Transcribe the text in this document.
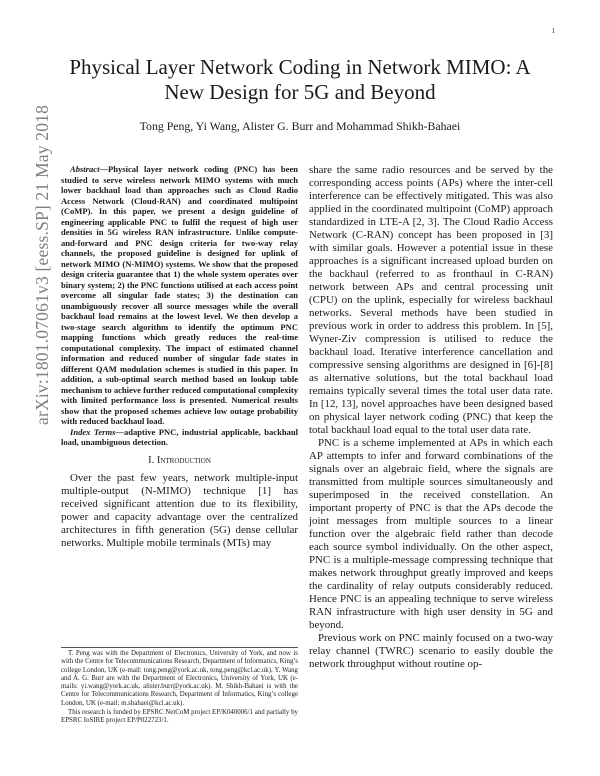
1
arXiv:1801.07061v3 [eess.SP] 21 May 2018
Physical Layer Network Coding in Network MIMO: A New Design for 5G and Beyond
Tong Peng, Yi Wang, Alister G. Burr and Mohammad Shikh-Bahaei

Abstract—Physical layer network coding (PNC) has been studied to serve wireless network MIMO systems with much lower backhaul load than approaches such as Cloud Radio Access Network (Cloud-RAN) and coordinated multipoint (CoMP). In this paper, we present a design guideline of engineering applicable PNC to fulfil the request of high user densities in 5G wireless RAN infrastructure. Unlike compute-and-forward and PNC design criteria for two-way relay channels, the proposed guideline is designed for uplink of network MIMO (N-MIMO) systems. We show that the proposed design criteria guarantee that 1) the whole system operates over binary system; 2) the PNC functions utilised at each access point overcome all singular fade states; 3) the destination can unambiguously recover all source messages while the overall backhaul load remains at the lowest level. We then develop a two-stage search algorithm to identify the optimum PNC mapping functions which greatly reduces the real-time computational complexity. The impact of estimated channel information and reduced number of singular fade states in different QAM modulation schemes is studied in this paper. In addition, a sub-optimal search method based on lookup table mechanism to achieve further reduced computational complexity with limited performance loss is presented. Numerical results show that the proposed schemes achieve low outage probability with reduced backhaul load.

Index Terms—adaptive PNC, industrial applicable, backhaul load, unambiguous detection.

I. Introduction

Over the past few years, network multiple-input multiple-output (N-MIMO) technique [1] has received significant attention due to its flexibility, power and capacity advantage over the centralized architectures in fifth generation (5G) dense cellular networks. Multiple mobile terminals (MTs) may

T. Peng was with the Department of Electronics, University of York, and now is with the Centre for Telecommunications Research, Department of Informatics, King’s college London, UK (e-mail: tong.peng@york.ac.uk, tong.peng@kcl.ac.uk). Y. Wang and A. G. Burr are with the Department of Electronics, University of York, UK (e-mails: yi.wang@york.ac.uk, alister.burr@york.ac.uk). M. Shikh-Bahaei is with the Centre for Telecommunications Research, Department of Informatics, King’s college London, UK (e-mail: m.sbahaei@kcl.ac.uk).

This research is funded by EPSRC NetCoM project EP/K040006/1 and partially by EPSRC IoSIRE project EP/P022723/1.

share the same radio resources and be served by the corresponding access points (APs) where the inter-cell interference can be effectively mitigated. This was also applied in the coordinated multipoint (CoMP) approach standardized in LTE-A [2, 3]. The Cloud Radio Access Network (C-RAN) concept has been proposed in [3] with similar goals. However a potential issue in these approaches is a significant increased upload burden on the backhaul (referred to as fronthaul in C-RAN) network between APs and central processing unit (CPU) on the uplink, especially for wireless backhaul networks. Several methods have been studied in previous work in order to address this problem. In [5], Wyner-Ziv compression is utilised to reduce the backhaul load. Iterative interference cancellation and compressive sensing algorithms are designed in [6]-[8] as alternative solutions, but the total backhaul load remains typically several times the total user data rate. In [12, 13], novel approaches have been designed based on physical layer network coding (PNC) that keep the total backhaul load equal to the total user data rate.

PNC is a scheme implemented at APs in which each AP attempts to infer and forward combinations of the signals over an algebraic field, where the signals are transmitted from multiple sources simultaneously and superimposed in the received constellation. An important property of PNC is that the APs decode the joint messages from multiple sources to a linear function over the algebraic field rather than decode each source symbol individually. On the other aspect, PNC is a multiple-message compressing technique that makes network throughput greatly improved and keeps the cardinality of relay outputs considerably reduced. Hence PNC is an appealing technique to serve wireless RAN infrastructure with high user density in 5G and beyond.

Previous work on PNC mainly focused on a two-way relay channel (TWRC) scenario to easily double the network throughput without routine op-
